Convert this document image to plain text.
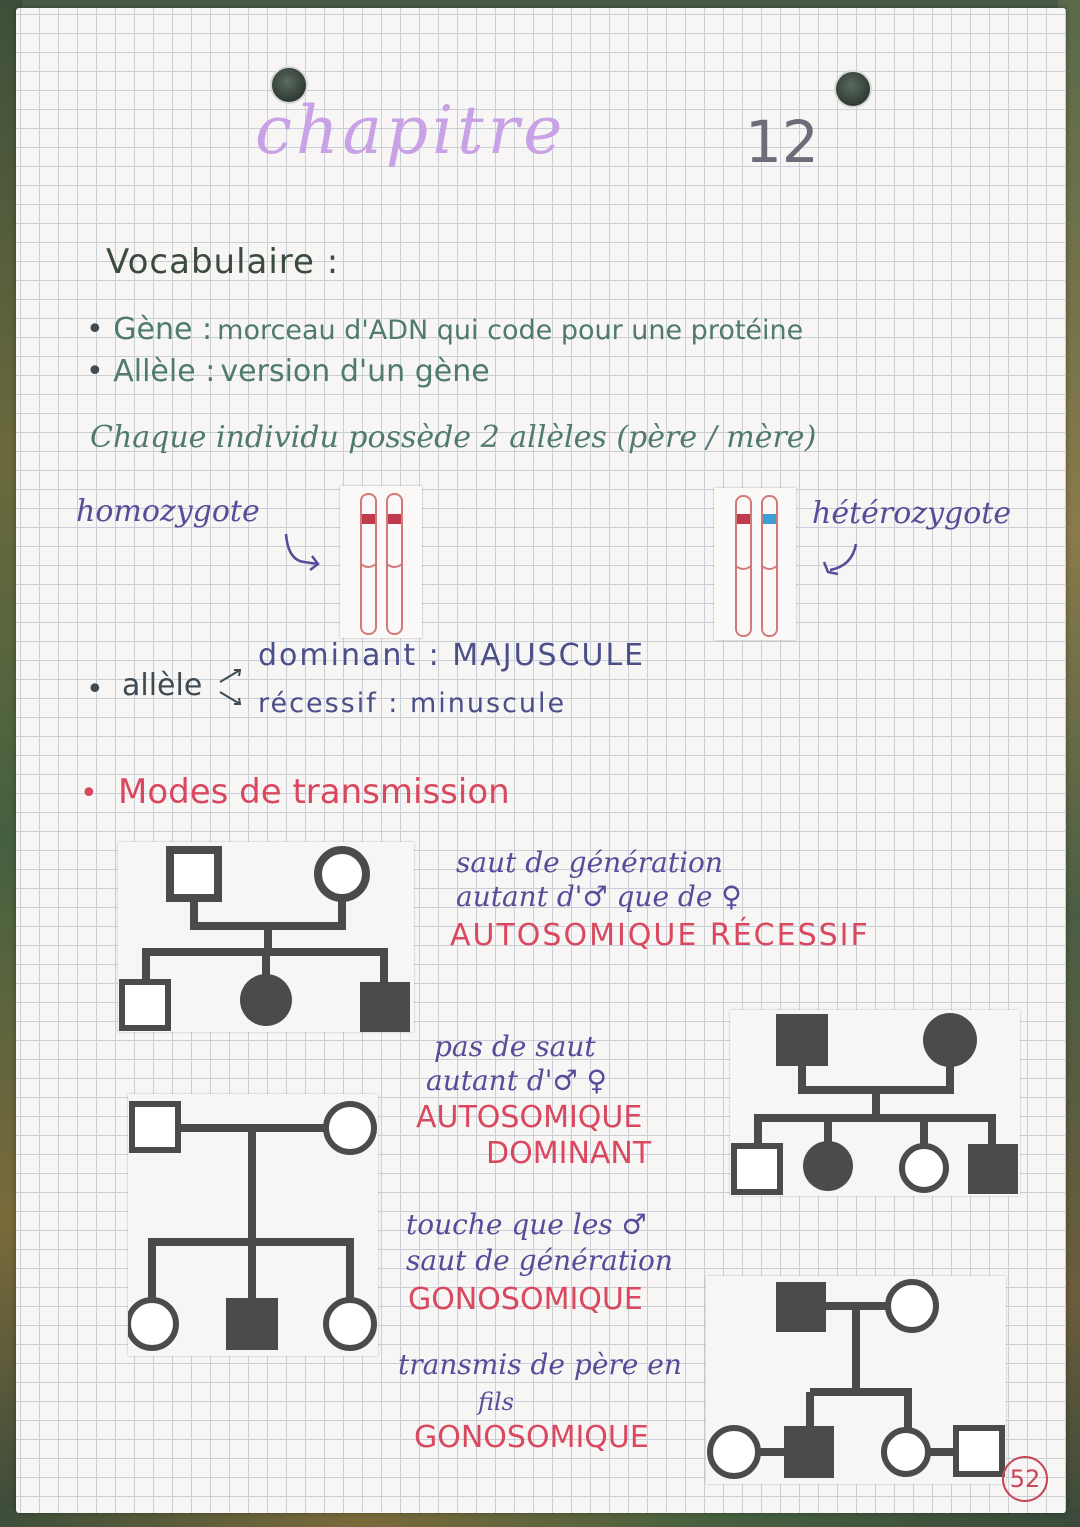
chapitre	12
Vocabulaire :
• Gène : morceau d'ADN qui code pour une protéine
• Allèle : version d'un gène
Chaque individu possède 2 allèles (père / mère)
homozygote	hétérozygote
• allèle
dominant : MAJUSCULE
récessif : minuscule
• Modes de transmission
saut de génération
autant d'♂ que de ♀
AUTOSOMIQUE RÉCESSIF
pas de saut
autant d'♂ ♀
AUTOSOMIQUE
DOMINANT
touche que les ♂
saut de génération
GONOSOMIQUE
transmis de père en
fils
GONOSOMIQUE
52
